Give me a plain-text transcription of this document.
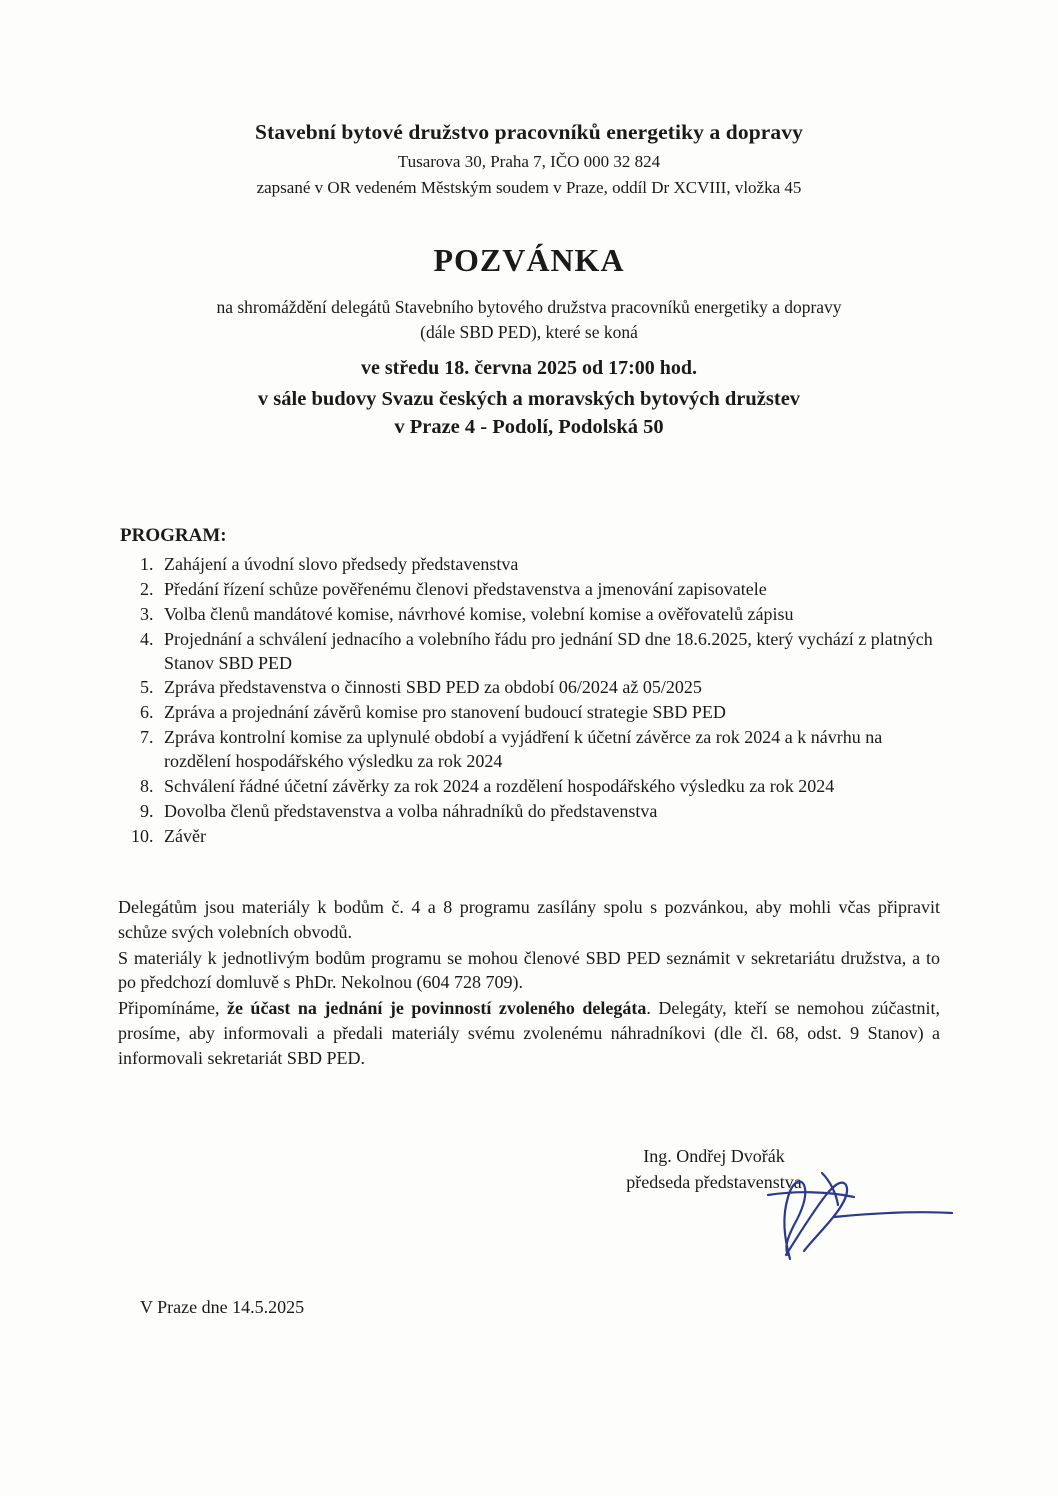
Stavební bytové družstvo pracovníků energetiky a dopravy
Tusarova 30, Praha 7, IČO 000 32 824
zapsané v OR vedeném Městským soudem v Praze, oddíl Dr XCVIII, vložka 45
POZVÁNKA
na shromáždění delegátů Stavebního bytového družstva pracovníků energetiky a dopravy
(dále SBD PED), které se koná
ve středu 18. června 2025 od 17:00 hod.
v sále budovy Svazu českých a moravských bytových družstev
v Praze 4 - Podolí, Podolská 50
PROGRAM:
1. Zahájení a úvodní slovo předsedy představenstva
2. Předání řízení schůze pověřenému členovi představenstva a jmenování zapisovatele
3. Volba členů mandátové komise, návrhové komise, volební komise a ověřovatelů zápisu
4. Projednání a schválení jednacího a volebního řádu pro jednání SD dne 18.6.2025, který vychází z platných Stanov SBD PED
5. Zpráva představenstva o činnosti SBD PED za období 06/2024 až 05/2025
6. Zpráva a projednání závěrů komise pro stanovení budoucí strategie SBD PED
7. Zpráva kontrolní komise za uplynulé období a vyjádření k účetní závěrce za rok 2024 a k návrhu na rozdělení hospodářského výsledku za rok 2024
8. Schválení řádné účetní závěrky za rok 2024 a rozdělení hospodářského výsledku za rok 2024
9. Dovolba členů představenstva a volba náhradníků do představenstva
10. Závěr

Delegátům jsou materiály k bodům č. 4 a 8 programu zasílány spolu s pozvánkou, aby mohli včas připravit schůze svých volebních obvodů.

S materiály k jednotlivým bodům programu se mohou členové SBD PED seznámit v sekretariátu družstva, a to po předchozí domluvě s PhDr. Nekolnou (604 728 709).

Připomínáme, že účast na jednání je povinností zvoleného delegáta. Delegáty, kteří se nemohou zúčastnit, prosíme, aby informovali a předali materiály svému zvolenému náhradníkovi (dle čl. 68, odst. 9 Stanov) a informovali sekretariát SBD PED.

Ing. Ondřej Dvořák
předseda představenstva
V Praze dne 14.5.2025
